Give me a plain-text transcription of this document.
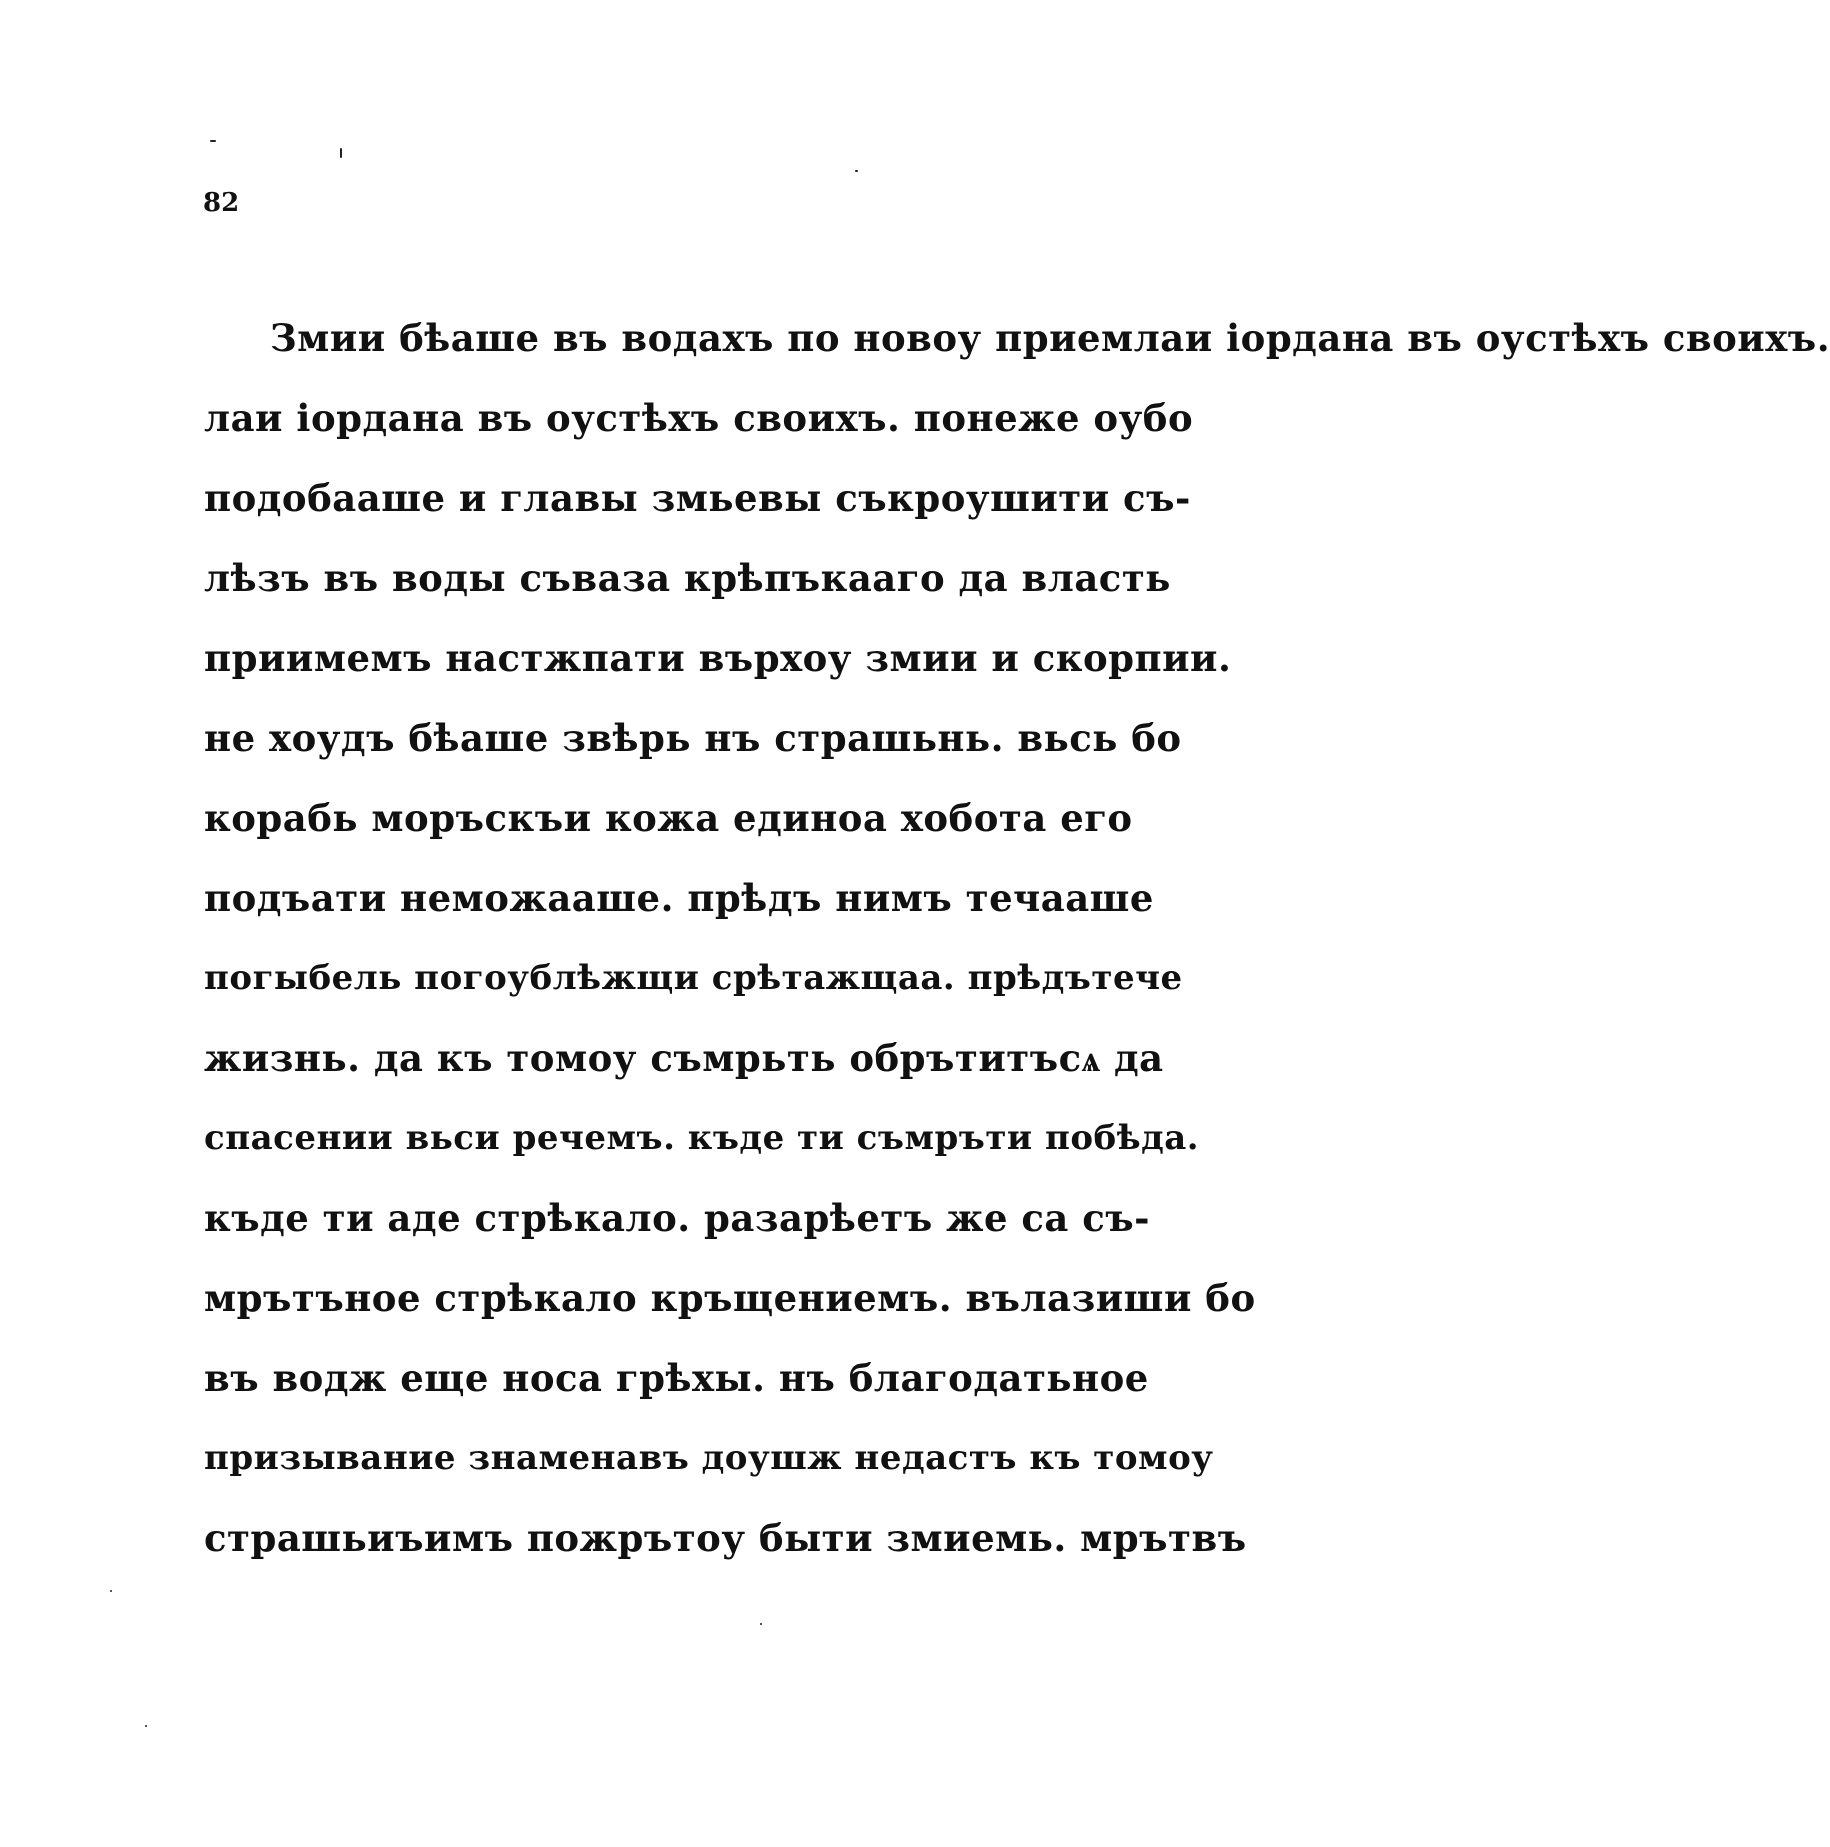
82
Змии бѣаше въ водахъ по новоу приемлаи іордана въ оустѣхъ своихъ.
лаи іордана въ оустѣхъ своихъ. понеже оубо
подобааше и главы змьевы съкроушити съ-
лѣзъ въ воды съваза крѣпъкааго да власть
приимемъ настжпати върхоу змии и скорпии.
не хоудъ бѣаше звѣрь нъ страшьнь. вьсь бо
корабь моръскъи кожа единоа хобота его
подъати неможааше. прѣдъ нимъ течааше
погыбель погоублѣжщи срѣтажщаа. прѣдътече
жизнь. да къ томоу съмрьть обрътитъсѧ да
спасении вьси речемъ. къде ти съмръти побѣда.
къде ти аде стрѣкало. разарѣетъ же са съ-
мрътъное стрѣкало кръщениемъ. вълазиши бо
въ водж еще носа грѣхы. нъ благодатьное
призывание знаменавъ доушж недастъ къ томоу
страшьиъимъ пожрътоу быти змиемь. мрътвъ
